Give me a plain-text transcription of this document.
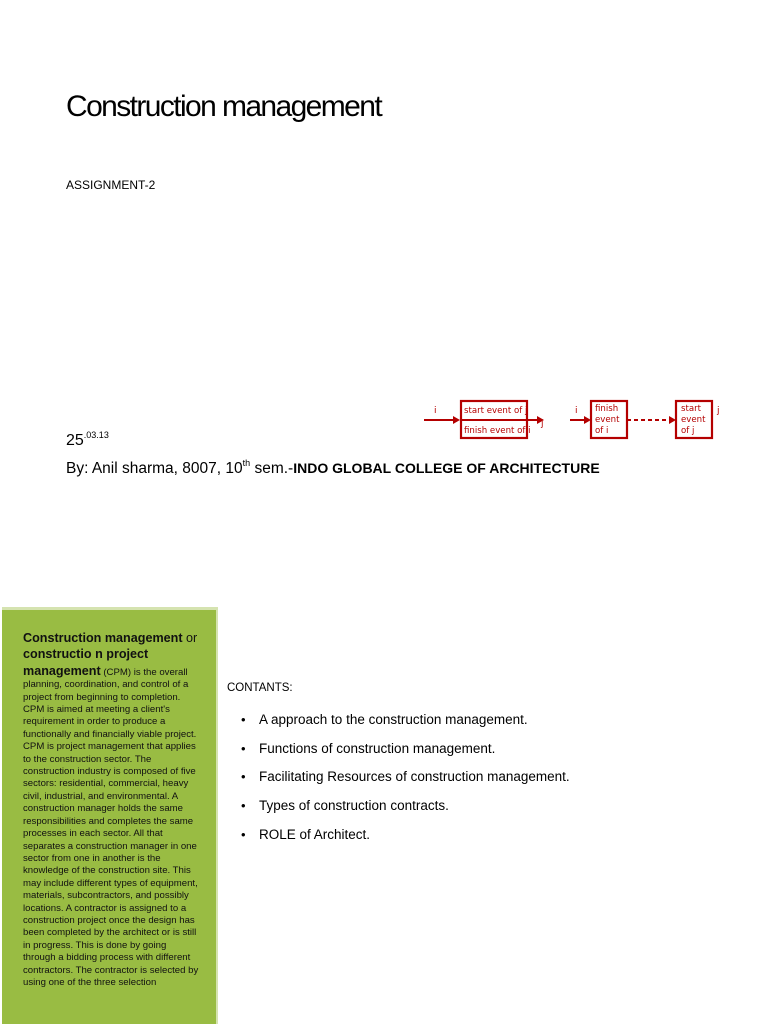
Construction management
ASSIGNMENT-2
$25^{.03.13}$
By: Anil sharma, 8007, 10th sem.-INDO GLOBAL COLLEGE OF ARCHITECTURE
i	start event of j
finish event of i
j
i finish
event
of i
start
event
of j
j
Construction management or constructio n project management (CPM) is the overall planning, coordination, and control of a project from beginning to completion. CPM is aimed at meeting a client's requirement in order to produce a functionally and financially viable project. CPM is project management that applies to the construction sector. The construction industry is composed of five sectors: residential, commercial, heavy civil, industrial, and environmental. A construction manager holds the same responsibilities and completes the same processes in each sector. All that separates a construction manager in one sector from one in another is the knowledge of the construction site. This may include different types of equipment, materials, subcontractors, and possibly locations. A contractor is assigned to a construction project once the design has been completed by the architect or is still in progress. This is done by going through a bidding process with different contractors. The contractor is selected by using one of the three selection
CONTANTS:
• A approach to the construction management.
• Functions of construction management.
• Facilitating Resources of construction management.
• Types of construction contracts.
• ROLE of Architect.
